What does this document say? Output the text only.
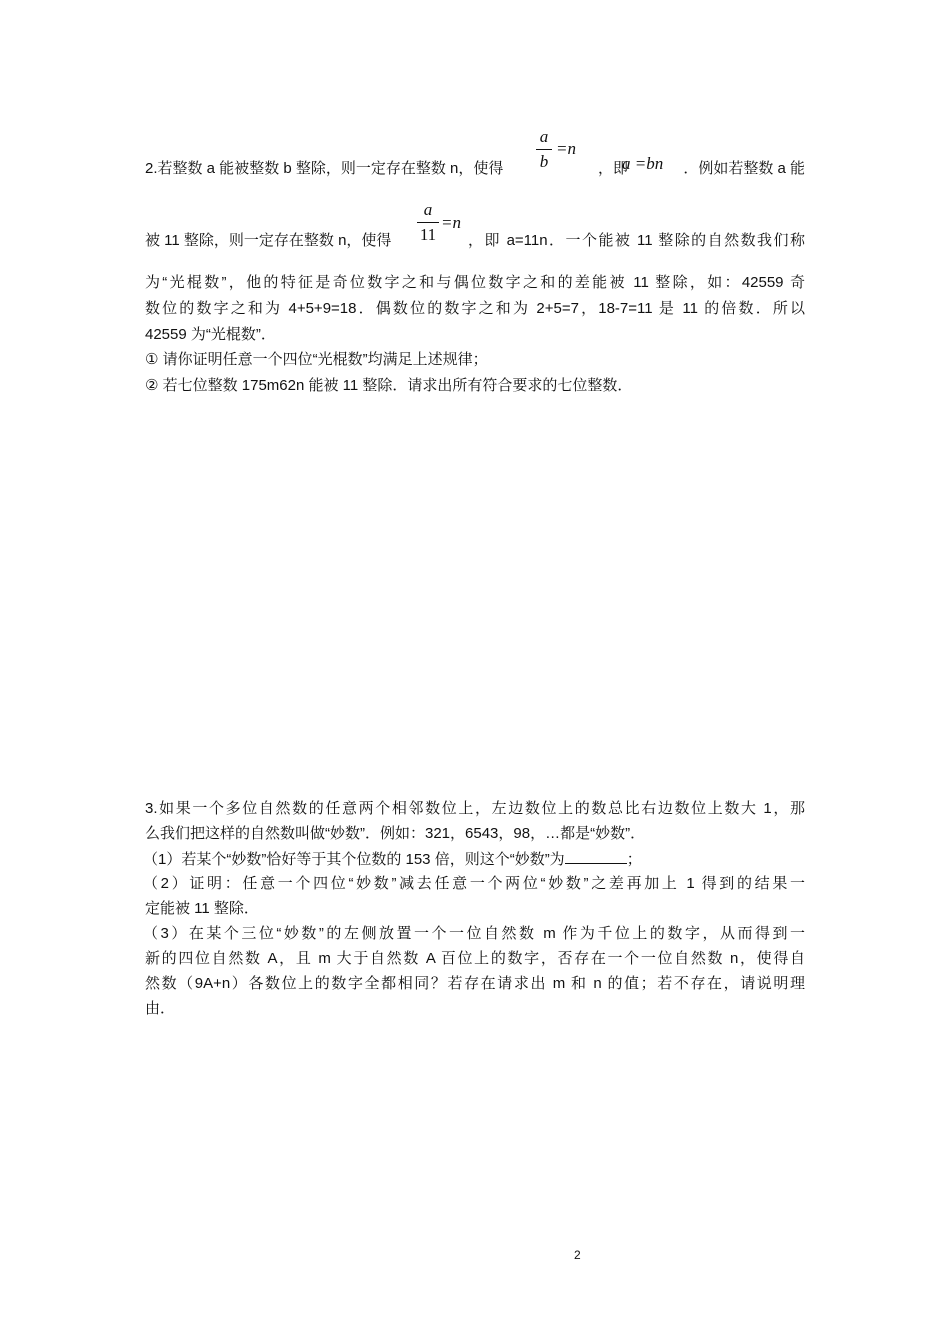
2.若整数 a 能被整数 b 整除，则一定存在整数 n，使得
a
b
=n
，即
a =bn	．例如若整数 a 能
被 11 整除，则一定存在整数 n，使得
a
11
=n
，即 a=11n．一个能被 11 整除的自然数我们称
为“光棍数”，他的特征是奇位数字之和与偶位数字之和的差能被 11 整除，如：42559 奇
数位的数字之和为 4+5+9=18．偶数位的数字之和为 2+5=7，18-7=11 是 11 的倍数．所以
42559 为“光棍数”．
① 请你证明任意一个四位“光棍数”均满足上述规律；
② 若七位整数 175m62n 能被 11 整除．请求出所有符合要求的七位整数．
3.如果一个多位自然数的任意两个相邻数位上，左边数位上的数总比右边数位上数大 1，那
么我们把这样的自然数叫做“妙数”．例如：321，6543，98，…都是“妙数”．
（1）若某个“妙数”恰好等于其个位数的 153 倍，则这个“妙数”为	；
（2）证明：任意一个四位“妙数”减去任意一个两位“妙数”之差再加上 1 得到的结果一
定能被 11 整除．
（3）在某个三位“妙数”的左侧放置一个一位自然数 m 作为千位上的数字，从而得到一
新的四位自然数 A，且 m 大于自然数 A 百位上的数字，否存在一个一位自然数 n，使得自
然数（9A+n）各数位上的数字全都相同？若存在请求出 m 和 n 的值；若不存在，请说明理
由．
2
